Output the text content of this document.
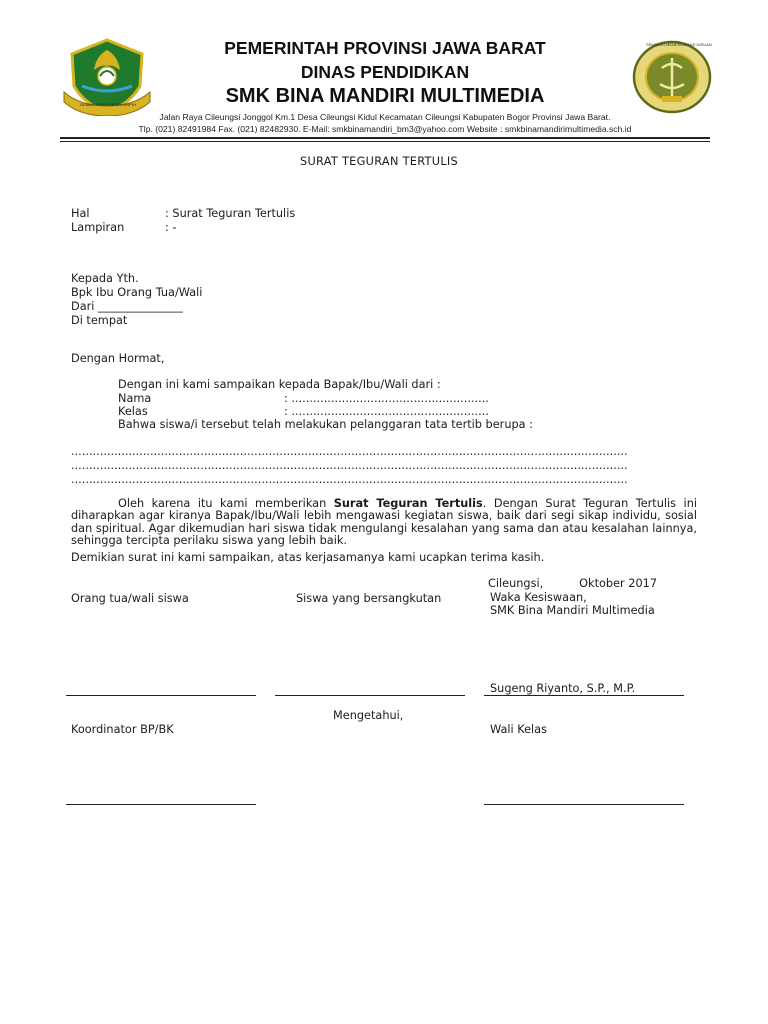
GEMAH RIPAH REPEH RAPIH
SEKOLAH MENENGAH KEJURUAN
PEMERINTAH PROVINSI JAWA BARAT
DINAS PENDIDIKAN
SMK BINA MANDIRI MULTIMEDIA
Jalan Raya Cileungsi Jonggol Km.1 Desa Cileungsi Kidul Kecamatan Cileungsi Kabupaten Bogor Provinsi Jawa Barat.
Tlp. (021) 82491984 Fax. (021) 82482930. E-Mail: smkbinamandiri_bm3@yahoo.com Website : smkbinamandirimultimedia.sch.id
SURAT TEGURAN TERTULIS
Hal	: Surat Teguran Tertulis
Lampiran	: -
Kepada Yth.
Bpk Ibu Orang Tua/Wali
Dari _______________
Di tempat
Dengan Hormat,
Dengan ini kami sampaikan kepada Bapak/Ibu/Wali dari :
Nama	: .......................................................
Kelas	: .......................................................
Bahwa siswa/i tersebut telah melakukan pelanggaran tata tertib berupa :
...........................................................................................................................................................
...........................................................................................................................................................
...........................................................................................................................................................
Oleh karena itu kami memberikan Surat Teguran Tertulis. Dengan Surat Teguran Tertulis ini diharapkan agar kiranya Bapak/Ibu/Wali lebih mengawasi kegiatan siswa, baik dari segi sikap individu, sosial dan spiritual. Agar dikemudian hari siswa tidak mengulangi kesalahan yang sama dan atau kesalahan lainnya, sehingga tercipta perilaku siswa yang lebih baik.
Demikian surat ini kami sampaikan, atas kerjasamanya kami ucapkan terima kasih.
Cileungsi,          Oktober 2017
Orang tua/wali siswa	Siswa yang bersangkutan	Waka Kesiswaan,
SMK Bina Mandiri Multimedia
Sugeng Riyanto, S.P., M.P.
Mengetahui,
Koordinator BP/BK	Wali Kelas
